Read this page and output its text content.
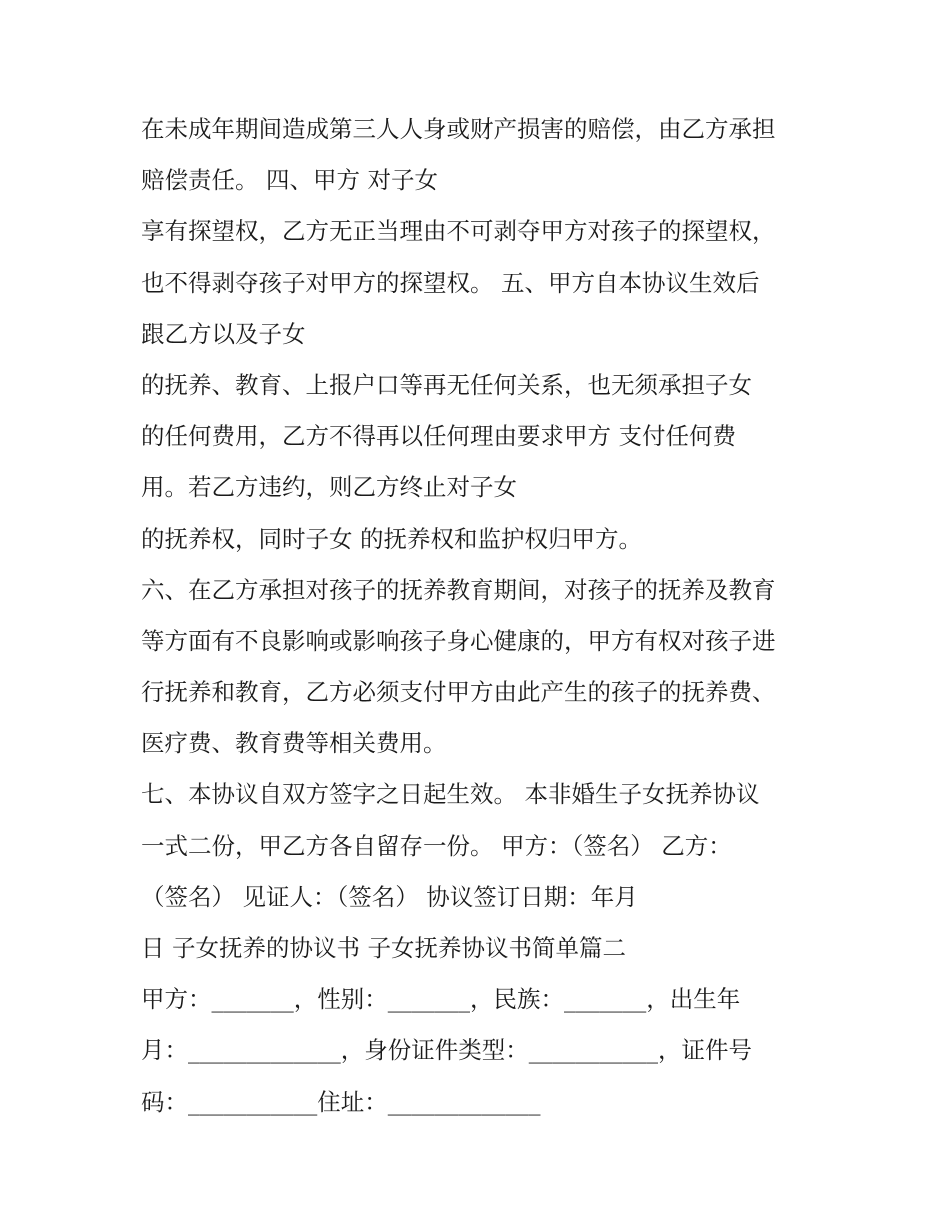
在未成年期间造成第三人人身或财产损害的赔偿，由乙方承担
赔偿责任。 四、甲方 对子女
享有探望权，乙方无正当理由不可剥夺甲方对孩子的探望权，
也不得剥夺孩子对甲方的探望权。 五、甲方自本协议生效后
跟乙方以及子女
的抚养、教育、上报户口等再无任何关系，也无须承担子女
的任何费用，乙方不得再以任何理由要求甲方 支付任何费
用。若乙方违约，则乙方终止对子女
的抚养权，同时子女 的抚养权和监护权归甲方。
六、在乙方承担对孩子的抚养教育期间，对孩子的抚养及教育
等方面有不良影响或影响孩子身心健康的，甲方有权对孩子进
行抚养和教育，乙方必须支付甲方由此产生的孩子的抚养费、
医疗费、教育费等相关费用。
七、本协议自双方签字之日起生效。 本非婚生子女抚养协议
一式二份，甲乙方各自留存一份。 甲方：（签名） 乙方：
（签名） 见证人：（签名） 协议签订日期：年月
日 子女抚养的协议书 子女抚养协议书简单篇二
甲方：_______，性别：_______，民族：_______，出生年
月：_____________，身份证件类型：___________，证件号
码：___________住址：_____________
